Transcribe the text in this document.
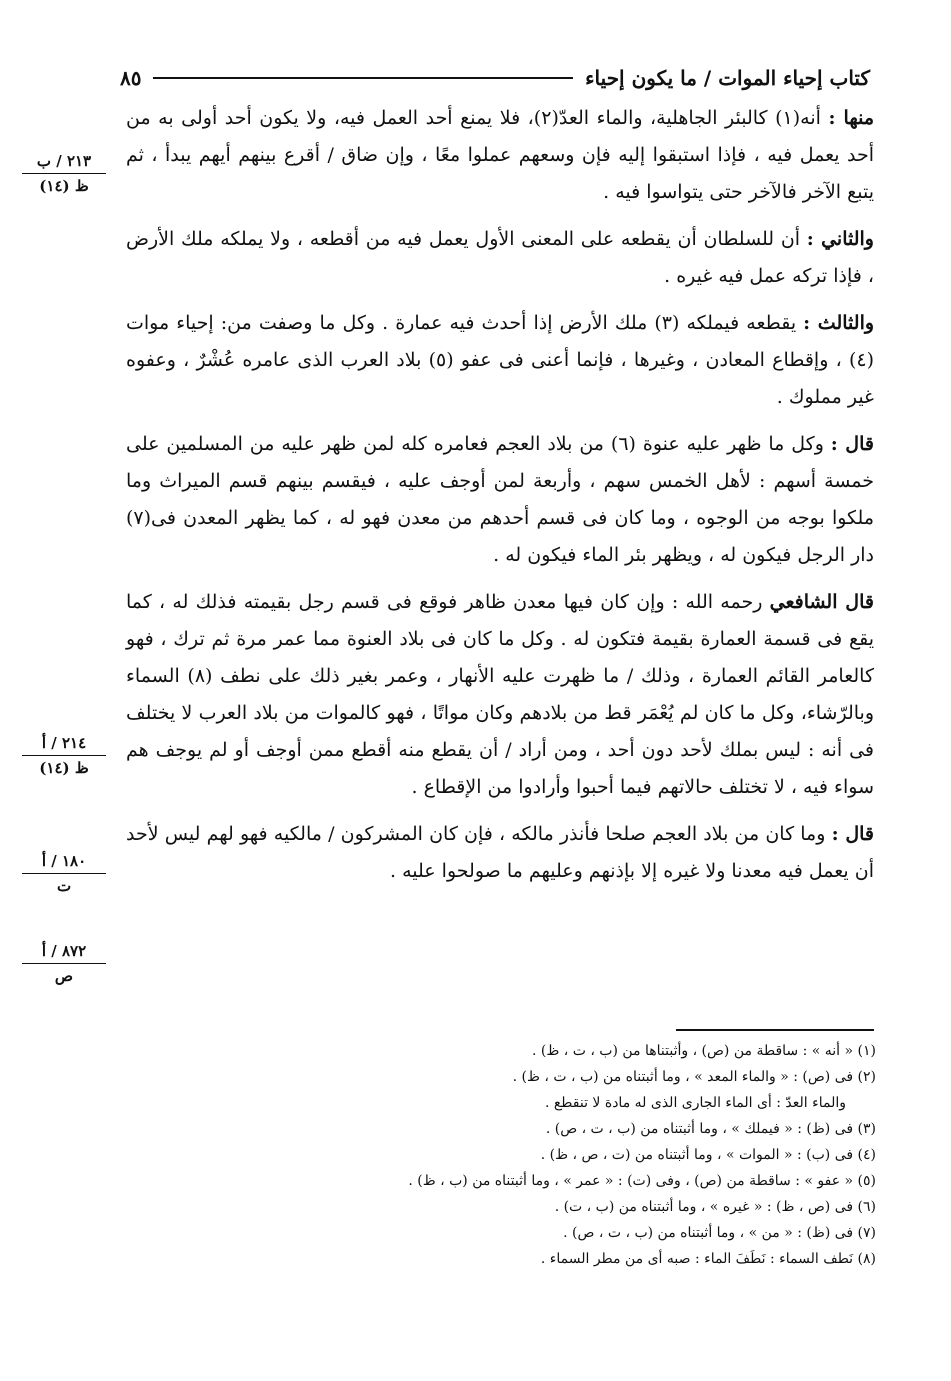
كتاب إحياء الموات / ما يكون إحياء
٨٥

منها : أنه(١) كالبئر الجاهلية، والماء العدّ(٢)، فلا يمنع أحد العمل فيه، ولا يكون أحد أولى به من أحد يعمل فيه ، فإذا استبقوا إليه فإن وسعهم عملوا معًا ، وإن ضاق / أقرع بينهم أيهم يبدأ ، ثم يتبع الآخر فالآخر حتى يتواسوا فيه .

والثاني : أن للسلطان أن يقطعه على المعنى الأول يعمل فيه من أقطعه ، ولا يملكه ملك الأرض ، فإذا تركه عمل فيه غيره .

والثالث : يقطعه فيملكه (٣) ملك الأرض إذا أحدث فيه عمارة . وكل ما وصفت من: إحياء موات (٤) ، وإقطاع المعادن ، وغيرها ، فإنما أعنى فى عفو (٥) بلاد العرب الذى عامره عُشْرٌ ، وعفوه غير مملوك .

قال : وكل ما ظهر عليه عنوة (٦) من بلاد العجم فعامره كله لمن ظهر عليه من المسلمين على خمسة أسهم : لأهل الخمس سهم ، وأربعة لمن أوجف عليه ، فيقسم بينهم قسم الميراث وما ملكوا بوجه من الوجوه ، وما كان فى قسم أحدهم من معدن فهو له ، كما يظهر المعدن فى(٧) دار الرجل فيكون له ، ويظهر بئر الماء فيكون له .

قال الشافعي رحمه الله : وإن كان فيها معدن ظاهر فوقع فى قسم رجل بقيمته فذلك له ، كما يقع فى قسمة العمارة بقيمة فتكون له . وكل ما كان فى بلاد العنوة مما عمر مرة ثم ترك ، فهو كالعامر القائم العمارة ، وذلك / ما ظهرت عليه الأنهار ، وعمر بغير ذلك على نطف (٨) السماء وبالرّشاء، وكل ما كان لم يُعْمَر قط من بلادهم وكان مواتًا ، فهو كالموات من بلاد العرب لا يختلف فى أنه : ليس بملك لأحد دون أحد ، ومن أراد / أن يقطع منه أقطع ممن أوجف أو لم يوجف هم سواء فيه ، لا تختلف حالاتهم فيما أحبوا وأرادوا من الإقطاع .

قال : وما كان من بلاد العجم صلحا فأنذر مالكه ، فإن كان المشركون / مالكيه فهو لهم ليس لأحد أن يعمل فيه معدنا ولا غيره إلا بإذنهم وعليهم ما صولحوا عليه .

٢١٣ / ب
ظ (١٤)
٢١٤ / أ
ظ (١٤)
١٨٠ / أ
ت
٨٧٢ / أ
ص
(١) « أنه » : ساقطة من (ص) ، وأثبتناها من (ب ، ت ، ظ) .
(٢) فى (ص) : « والماء المعد » ، وما أثبتناه من (ب ، ت ، ظ) .
والماء العدّ : أى الماء الجارى الذى له مادة لا تنقطع .
(٣) فى (ظ) : « فيملك » ، وما أثبتناه من (ب ، ت ، ص) .
(٤) فى (ب) : « الموات » ، وما أثبتناه من (ت ، ص ، ظ) .
(٥) « عفو » : ساقطة من (ص) ، وفى (ت) : « عمر » ، وما أثبتناه من (ب ، ظ) .
(٦) فى (ص ، ظ) : « غيره » ، وما أثبتناه من (ب ، ت) .
(٧) فى (ظ) : « من » ، وما أثبتناه من (ب ، ت ، ص) .
(٨) نَطف السماء : نَطَفَ الماء : صبه أى من مطر السماء .
